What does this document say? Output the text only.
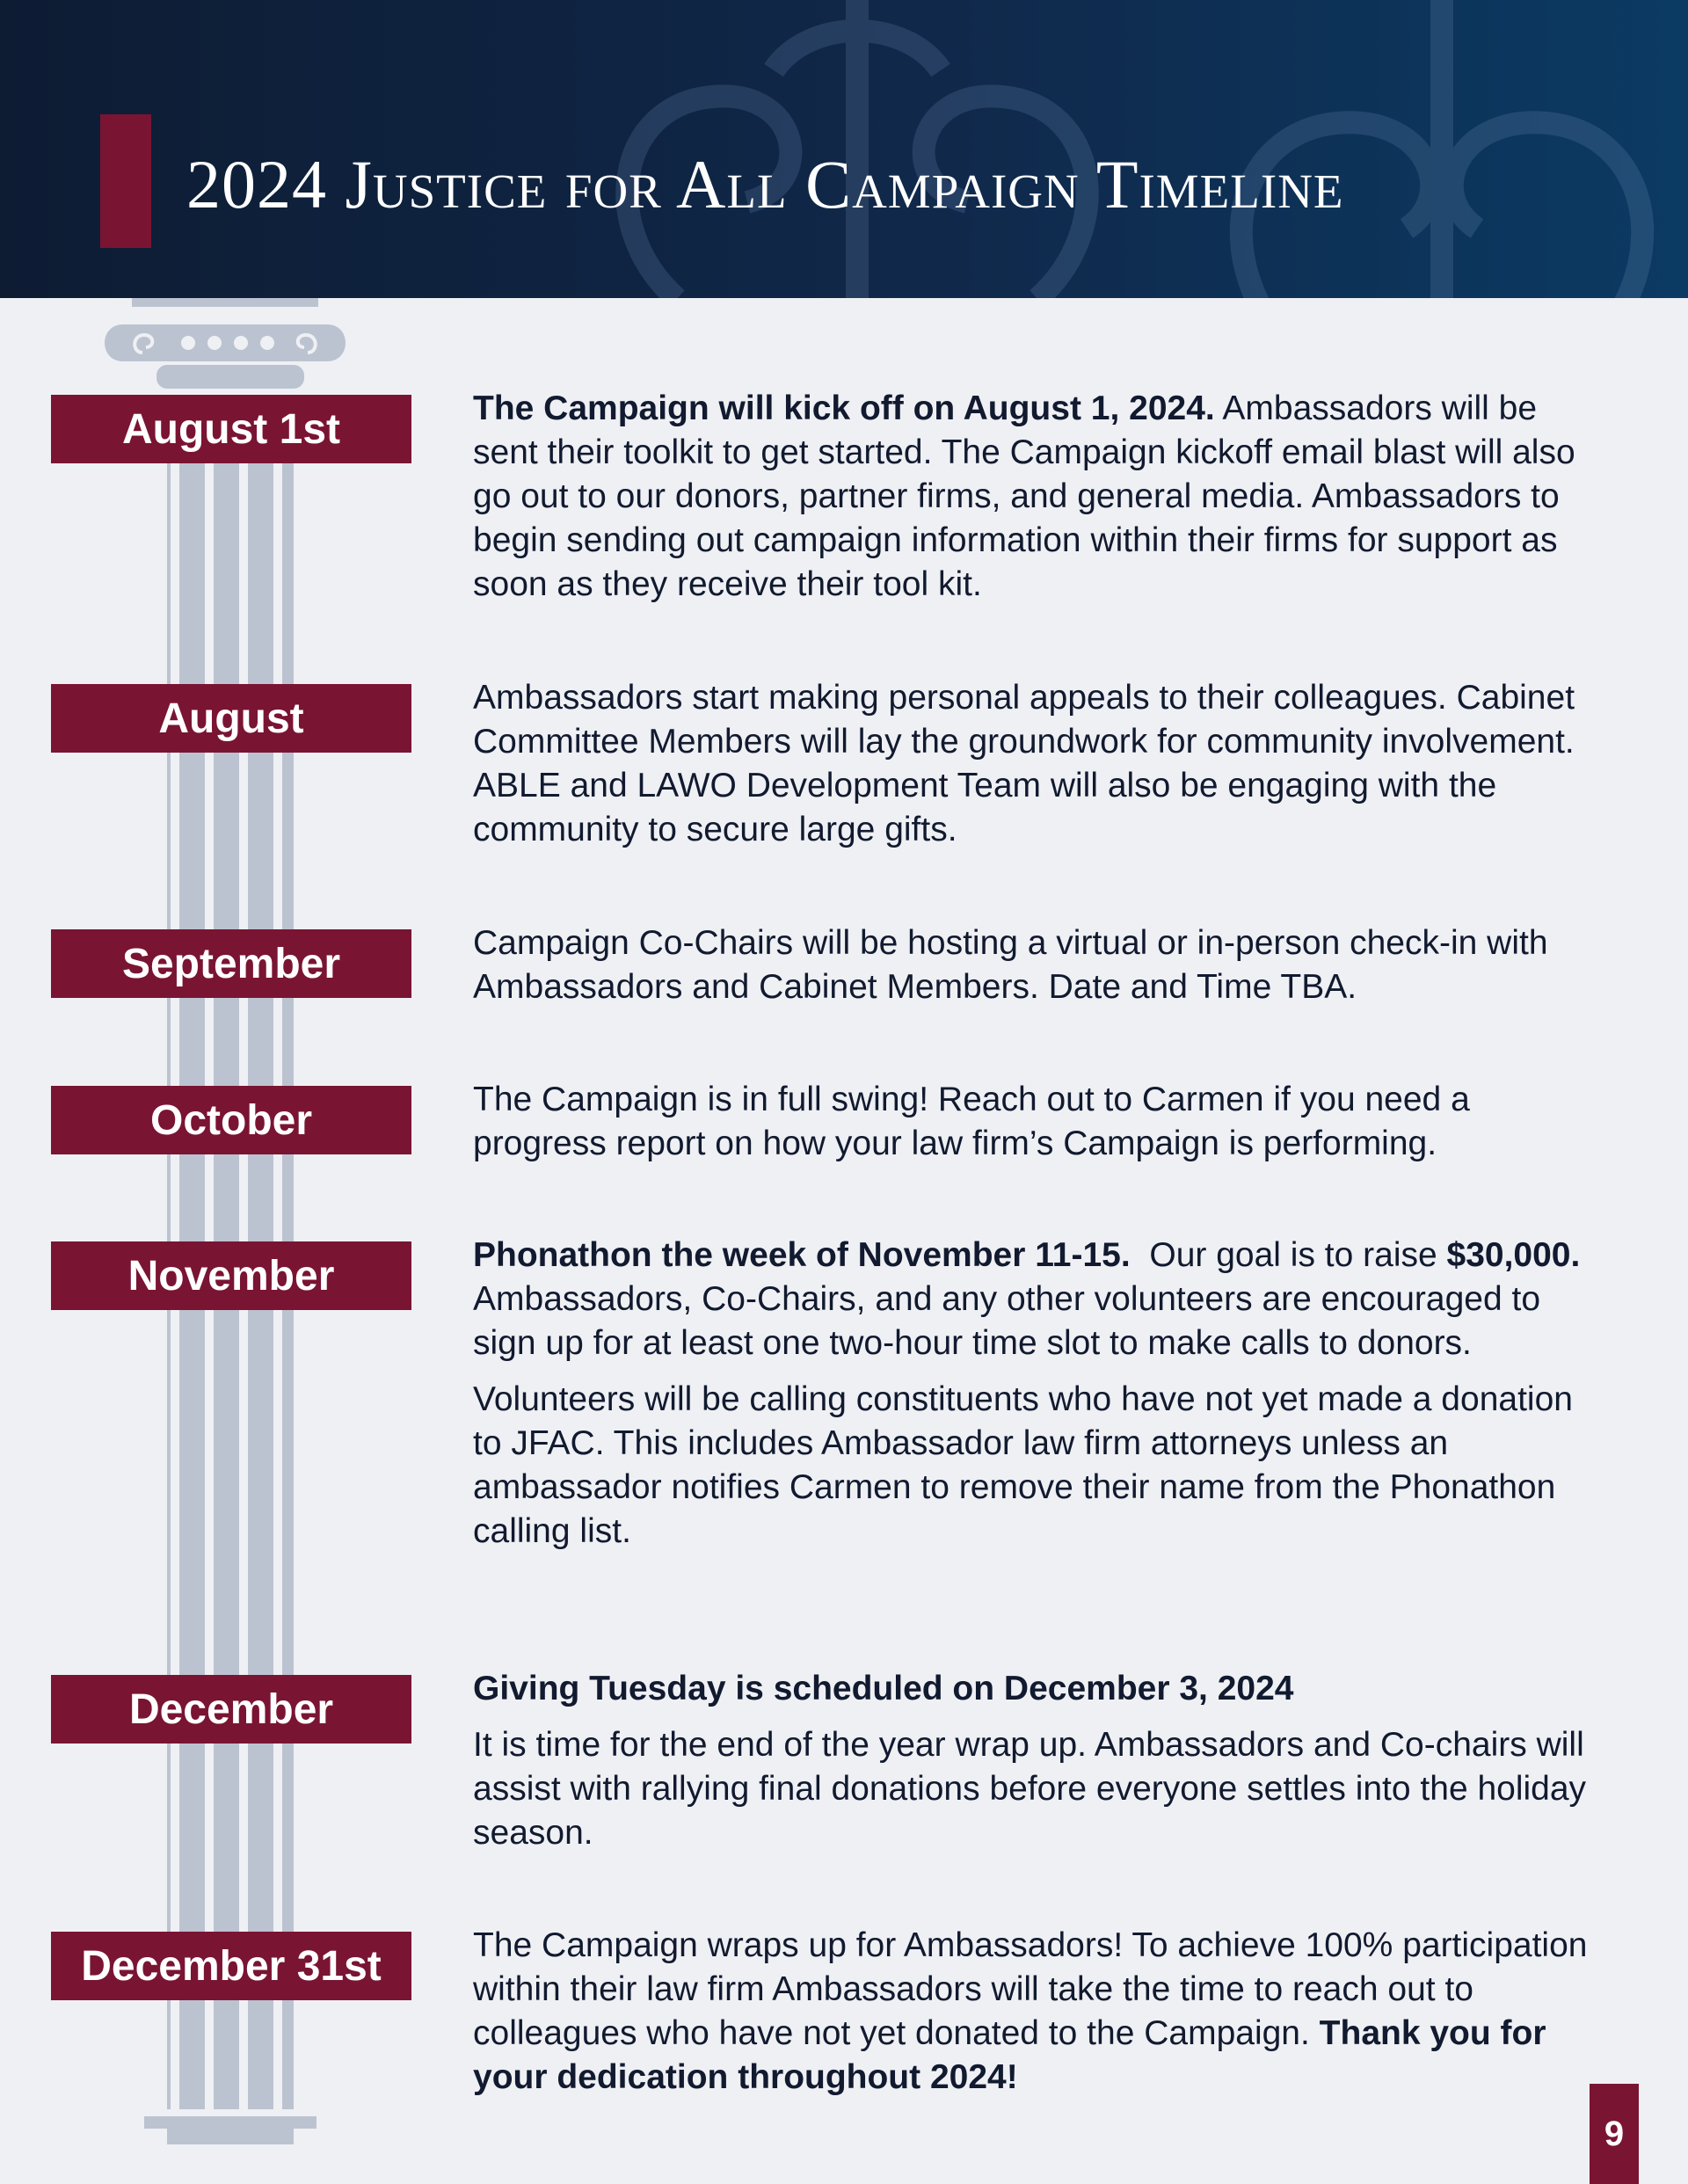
2024 Justice for All Campaign Timeline
August 1st	The Campaign will kick off on August 1, 2024. Ambassadors will be sent their toolkit to get started. The Campaign kickoff email blast will also go out to our donors, partner firms, and general media. Ambassadors to begin sending out campaign information within their firms for support as soon as they receive their tool kit.

August	Ambassadors start making personal appeals to their colleagues. Cabinet Committee Members will lay the groundwork for community involvement. ABLE and LAWO Development Team will also be engaging with the community to secure large gifts.

September	Campaign Co-Chairs will be hosting a virtual or in-person check-in with Ambassadors and Cabinet Members. Date and Time TBA.

October	The Campaign is in full swing! Reach out to Carmen if you need a progress report on how your law firm’s Campaign is performing.

November	Phonathon the week of November 11-15.  Our goal is to raise $30,000. Ambassadors, Co-Chairs, and any other volunteers are encouraged to sign up for at least one two-hour time slot to make calls to donors.

Volunteers will be calling constituents who have not yet made a donation to JFAC. This includes Ambassador law firm attorneys unless an ambassador notifies Carmen to remove their name from the Phonathon calling list.

December	Giving Tuesday is scheduled on December 3, 2024

It is time for the end of the year wrap up. Ambassadors and Co-chairs will assist with rallying final donations before everyone settles into the holiday season.

December 31st	The Campaign wraps up for Ambassadors! To achieve 100% participation within their law firm Ambassadors will take the time to reach out to colleagues who have not yet donated to the Campaign. Thank you for your dedication throughout 2024!

9
